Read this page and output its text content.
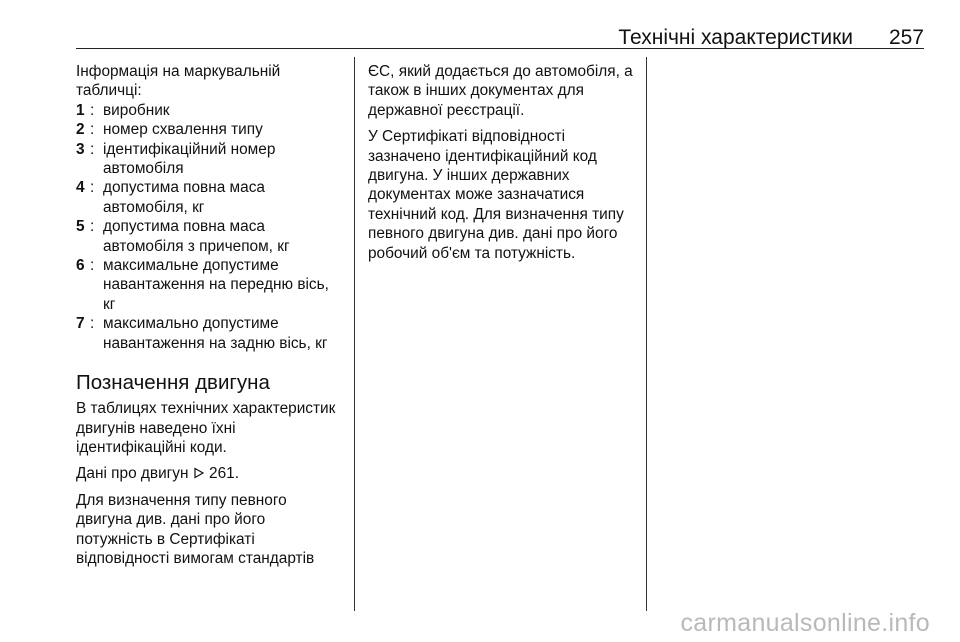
Технічні характеристики 257

Інформація на маркувальній табличці:

1 : виробник
2 : номер схвалення типу
3 : ідентифікаційний номер автомобіля
4 : допустима повна маса автомобіля, кг
5 : допустима повна маса автомобіля з причепом, кг
6 : максимальне допустиме навантаження на передню вісь, кг
7 : максимально допустиме навантаження на задню вісь, кг
Позначення двигуна

В таблицях технічних характеристик двигунів наведено їхні ідентифікаційні коди.

Дані про двигун 261.

Для визначення типу певного двигуна див. дані про його потужність в Сертифікаті відповідності вимогам стандартів

ЄС, який додається до автомобіля, а також в інших документах для державної реєстрації.

У Сертифікаті відповідності зазначено ідентифікаційний код двигуна. У інших державних документах може зазначатися технічний код. Для визначення типу певного двигуна див. дані про його робочий об'єм та потужність.

carmanualsonline.info
